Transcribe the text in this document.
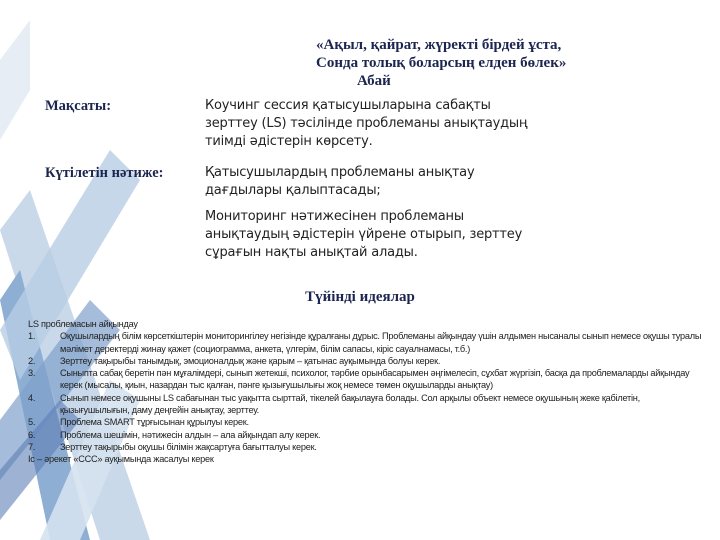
«Ақыл, қайрат, жүректі бірдей ұста,
Сонда толық боларсың елден бөлек»
Абай
Мақсаты:	Коучинг сессия қатысушыларына сабақты зерттеу (LS) тәсілінде проблеманы анықтаудың тиімді әдістерін көрсету.
Күтілетін нәтиже:	Қатысушылардың проблеманы анықтау дағдылары қалыптасады;
Мониторинг нәтижесінен проблеманы анықтаудың әдістерін үйрене отырып, зерттеу сұрағын нақты анықтай алады.
Түйінді идеялар
LS проблемасын айқындау
1.	Оқушылардың білім көрсеткіштерін мониторингілеу негізінде құралғаны дұрыс. Проблеманы айқындау үшін алдымен нысаналы сынып немесе оқушы туралы мәлімет деректерді жинау қажет (социограмма, анкета, үлгерім, білім сапасы, кіріс сауалнамасы, т.б.)
2.	Зерттеу тақырыбы танымдық, эмоционалдық және қарым – қатынас ауқымында болуы керек.
3.	Сыныпта сабақ беретін пән мұғалімдері, сынып жетекші, психолог, тәрбие орынбасарымен әңгімелесіп, сұхбат жүргізіп, басқа да проблемаларды айқындау керек (мысалы, қиын, назардан тыс қалған, пәнге қызығушылығы жоқ немесе төмен оқушыларды анықтау)
4.	Сынып немесе оқушыны LS сабағынан тыс уақытта сырттай, тікелей бақылауға болады. Сол арқылы объект немесе оқушының жеке қабілетін, қызығушылығын, даму деңгейін анықтау, зерттеу.
5.	Проблема SMART тұрғысынан құрылуы керек.
6.	Проблема шешімін, нәтижесін алдын – ала айқындап алу керек.
7.	Зерттеу тақырыбы оқушы білімін жақсартуға бағытталуы керек.
Іс – әрекет «ССС» ауқымында жасалуы керек
